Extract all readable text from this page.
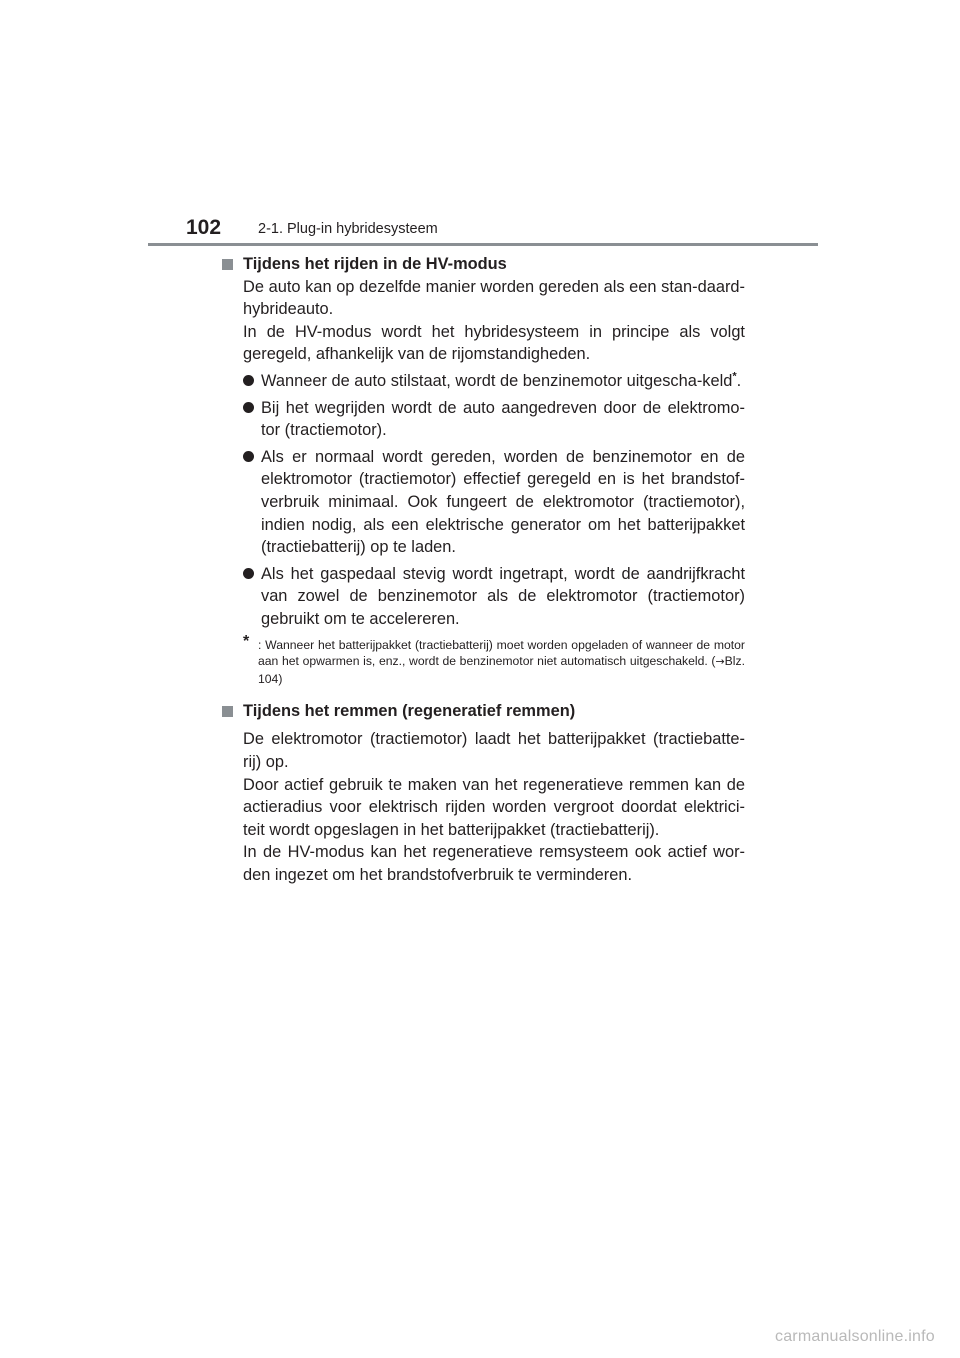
102	2-1. Plug-in hybridesysteem

Tijdens het rijden in de HV-modus

De auto kan op dezelfde manier worden gereden als een stan-daard-hybrideauto.

In de HV-modus wordt het hybridesysteem in principe als volgt geregeld, afhankelijk van de rijomstandigheden.

Wanneer de auto stilstaat, wordt de benzinemotor uitgescha-keld*.
Bij het wegrijden wordt de auto aangedreven door de elektromo-tor (tractiemotor).
Als er normaal wordt gereden, worden de benzinemotor en de elektromotor (tractiemotor) effectief geregeld en is het brandstof-verbruik minimaal. Ook fungeert de elektromotor (tractiemotor), indien nodig, als een elektrische generator om het batterijpakket (tractiebatterij) op te laden.
Als het gaspedaal stevig wordt ingetrapt, wordt de aandrijfkracht van zowel de benzinemotor als de elektromotor (tractiemotor) gebruikt om te accelereren.

* : Wanneer het batterijpakket (tractiebatterij) moet worden opgeladen of wanneer de motor aan het opwarmen is, enz., wordt de benzinemotor niet automatisch uitgeschakeld. (→Blz. 104)

Tijdens het remmen (regeneratief remmen)

De elektromotor (tractiemotor) laadt het batterijpakket (tractiebatte-rij) op.

Door actief gebruik te maken van het regeneratieve remmen kan de actieradius voor elektrisch rijden worden vergroot doordat elektrici-teit wordt opgeslagen in het batterijpakket (tractiebatterij).

In de HV-modus kan het regeneratieve remsysteem ook actief wor-den ingezet om het brandstofverbruik te verminderen.

carmanualsonline.info
